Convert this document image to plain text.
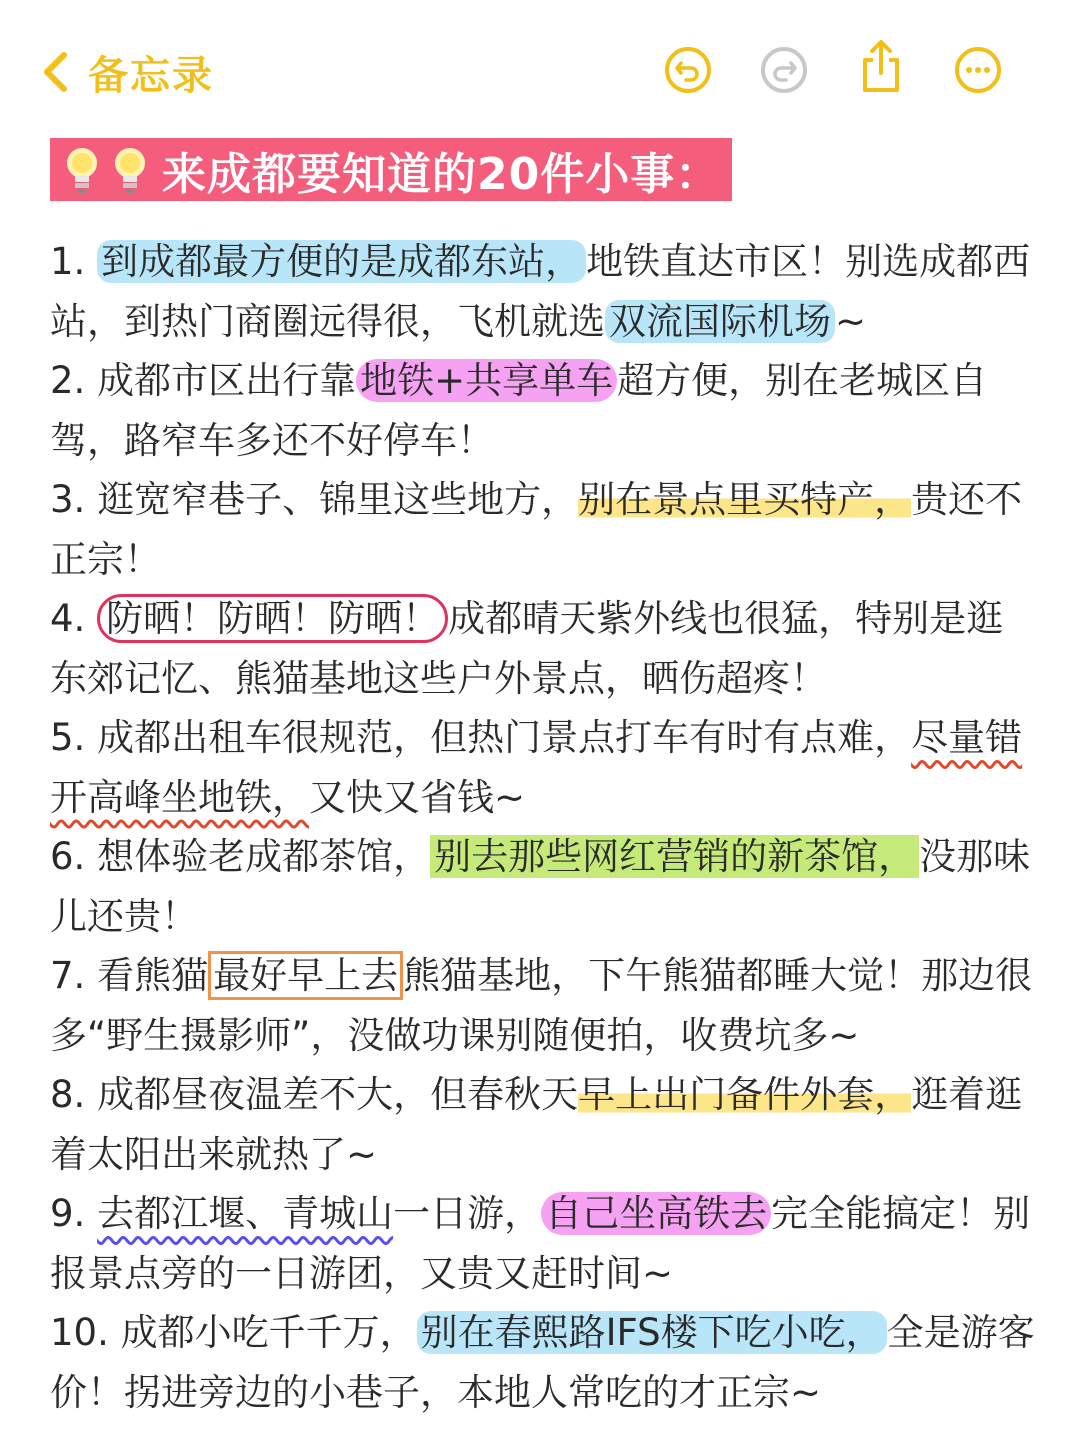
备忘录
来成都要知道的20件小事：

1. 到成都最方便的是成都东站， 地铁直达市区！别选成都西站，到热门商圈远得很，飞机就选 双流国际机场 ~

2. 成都市区出行靠 地铁+共享单车 超方便，别在老城区自驾，路窄车多还不好停车！

3. 逛宽窄巷子、锦里这些地方，别在景点里买特产，贵还不正宗！

4. 防晒！防晒！防晒！ 成都晴天紫外线也很猛，特别是逛东郊记忆、熊猫基地这些户外景点，晒伤超疼！

5. 成都出租车很规范，但热门景点打车有时有点难，尽量错开高峰坐地铁，又快又省钱~

6. 想体验老成都茶馆， 别去那些网红营销的新茶馆， 没那味儿还贵！

7. 看熊猫 最好早上去 熊猫基地，下午熊猫都睡大觉！那边很多“野生摄影师”，没做功课别随便拍，收费坑多~

8. 成都昼夜温差不大，但春秋天早上出门备件外套，逛着逛着太阳出来就热了~

9. 去都江堰、青城山一日游， 自己坐高铁去 完全能搞定！别报景点旁的一日游团，又贵又赶时间~

10. 成都小吃千千万， 别在春熙路IFS楼下吃小吃， 全是游客价！拐进旁边的小巷子，本地人常吃的才正宗~
